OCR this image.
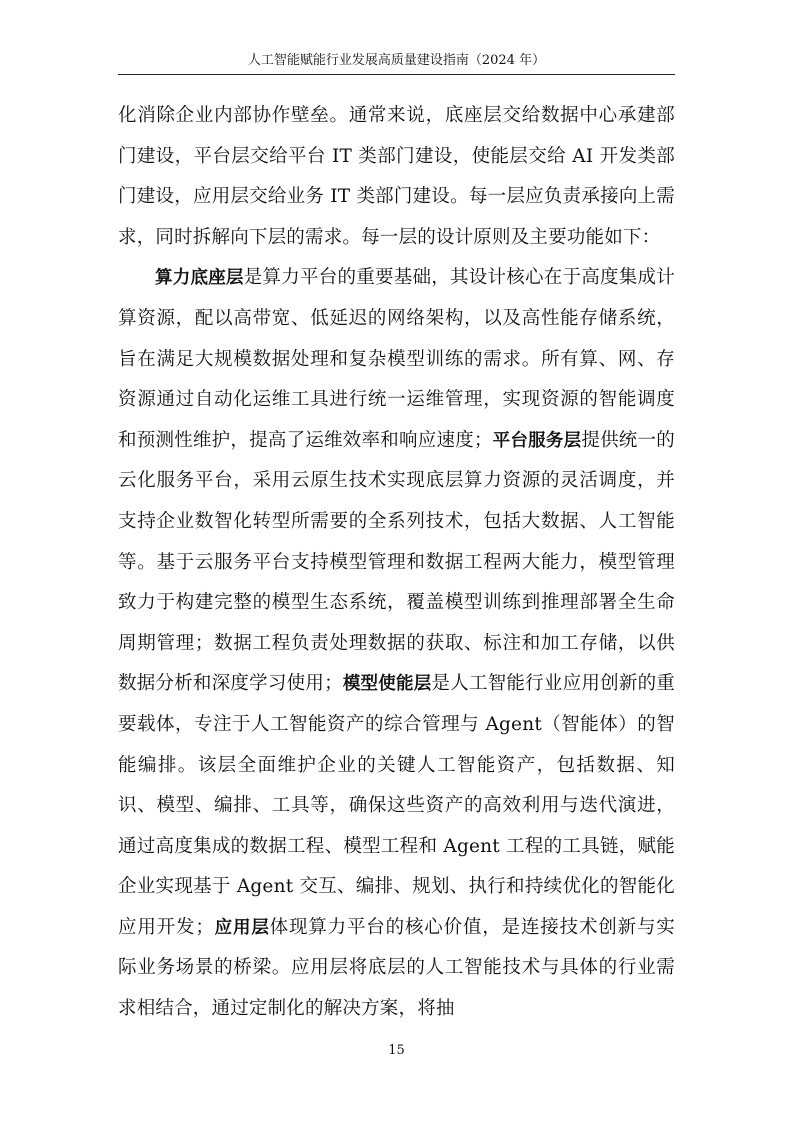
人工智能赋能行业发展高质量建设指南（2024 年）

化消除企业内部协作壁垒。通常来说，底座层交给数据中心承建部门建设，平台层交给平台 IT 类部门建设，使能层交给 AI 开发类部门建设，应用层交给业务 IT 类部门建设。每一层应负责承接向上需求，同时拆解向下层的需求。每一层的设计原则及主要功能如下：

算力底座层是算力平台的重要基础，其设计核心在于高度集成计算资源，配以高带宽、低延迟的网络架构，以及高性能存储系统，旨在满足大规模数据处理和复杂模型训练的需求。所有算、网、存资源通过自动化运维工具进行统一运维管理，实现资源的智能调度和预测性维护，提高了运维效率和响应速度；平台服务层提供统一的云化服务平台，采用云原生技术实现底层算力资源的灵活调度，并支持企业数智化转型所需要的全系列技术，包括大数据、人工智能等。基于云服务平台支持模型管理和数据工程两大能力，模型管理致力于构建完整的模型生态系统，覆盖模型训练到推理部署全生命周期管理；数据工程负责处理数据的获取、标注和加工存储，以供数据分析和深度学习使用；模型使能层是人工智能行业应用创新的重要载体，专注于人工智能资产的综合管理与 Agent（智能体）的智能编排。该层全面维护企业的关键人工智能资产，包括数据、知识、模型、编排、工具等，确保这些资产的高效利用与迭代演进，通过高度集成的数据工程、模型工程和 Agent 工程的工具链，赋能企业实现基于 Agent 交互、编排、规划、执行和持续优化的智能化应用开发；应用层体现算力平台的核心价值，是连接技术创新与实际业务场景的桥梁。应用层将底层的人工智能技术与具体的行业需求相结合，通过定制化的解决方案，将抽

15
